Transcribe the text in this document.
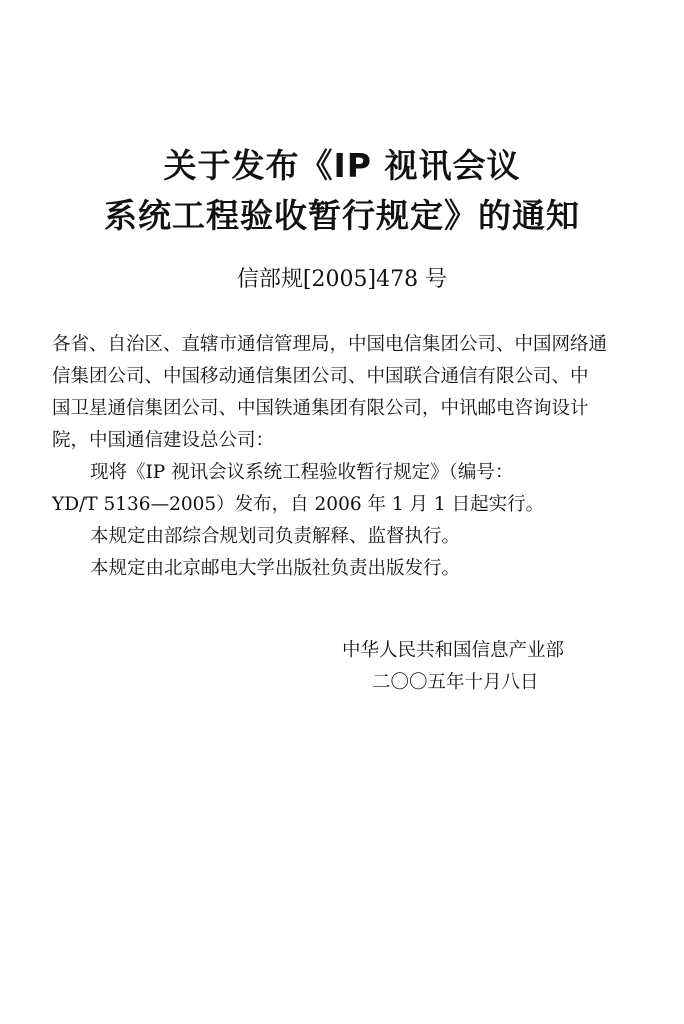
关于发布《IP 视讯会议
系统工程验收暂行规定》的通知
信部规[2005]478 号
各省、自治区、直辖市通信管理局，中国电信集团公司、中国网络通
信集团公司、中国移动通信集团公司、中国联合通信有限公司、中
国卫星通信集团公司、中国铁通集团有限公司，中讯邮电咨询设计
院，中国通信建设总公司：
现将《IP 视讯会议系统工程验收暂行规定》（编号：
YD/T 5136—2005）发布，自 2006 年 1 月 1 日起实行。
本规定由部综合规划司负责解释、监督执行。
本规定由北京邮电大学出版社负责出版发行。
中华人民共和国信息产业部
二〇〇五年十月八日
